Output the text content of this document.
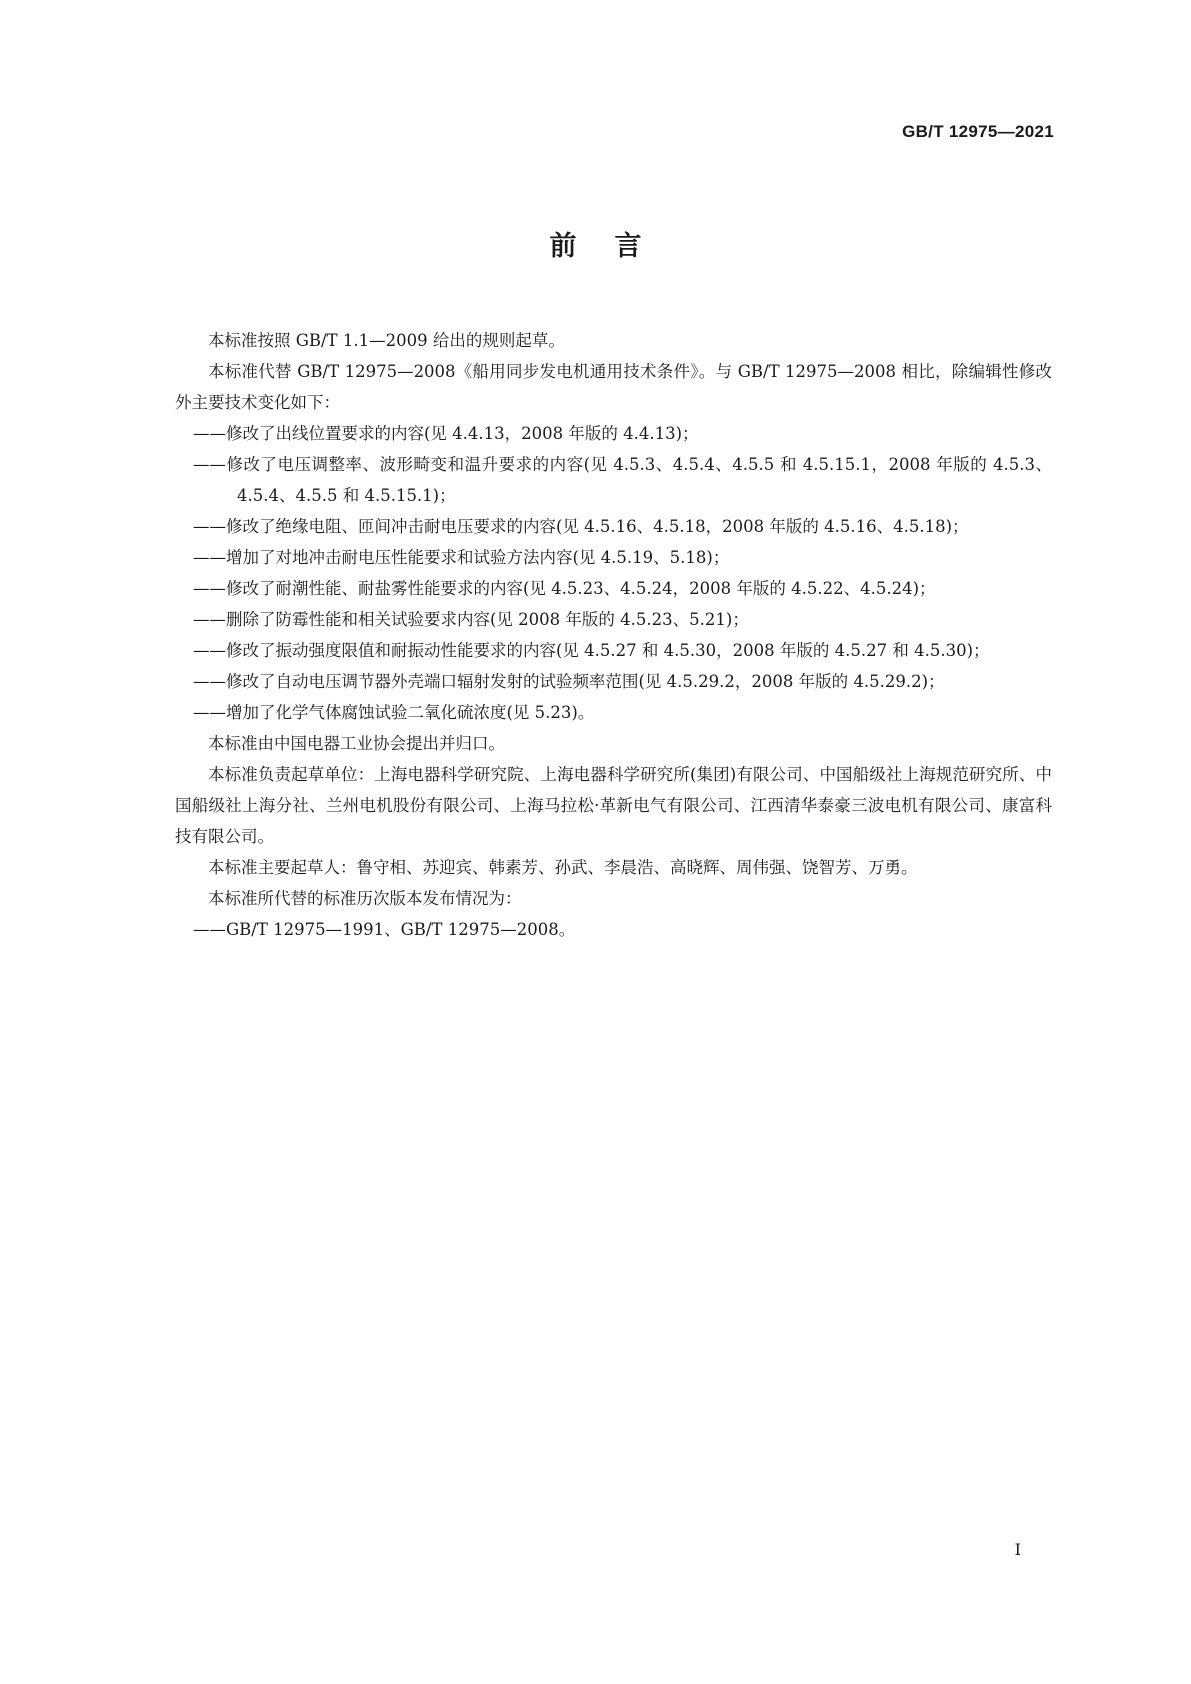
GB/T 12975—2021
前言

本标准按照 GB/T 1.1—2009 给出的规则起草。

本标准代替 GB/T 12975—2008《船用同步发电机通用技术条件》。与 GB/T 12975—2008 相比，除编辑性修改外主要技术变化如下：

——修改了出线位置要求的内容(见 4.4.13，2008 年版的 4.4.13)；

——修改了电压调整率、波形畸变和温升要求的内容(见 4.5.3、4.5.4、4.5.5 和 4.5.15.1，2008 年版的 4.5.3、4.5.4、4.5.5 和 4.5.15.1)；

——修改了绝缘电阻、匝间冲击耐电压要求的内容(见 4.5.16、4.5.18，2008 年版的 4.5.16、4.5.18)；

——增加了对地冲击耐电压性能要求和试验方法内容(见 4.5.19、5.18)；

——修改了耐潮性能、耐盐雾性能要求的内容(见 4.5.23、4.5.24，2008 年版的 4.5.22、4.5.24)；

——删除了防霉性能和相关试验要求内容(见 2008 年版的 4.5.23、5.21)；

——修改了振动强度限值和耐振动性能要求的内容(见 4.5.27 和 4.5.30，2008 年版的 4.5.27 和 4.5.30)；

——修改了自动电压调节器外壳端口辐射发射的试验频率范围(见 4.5.29.2，2008 年版的 4.5.29.2)；

——增加了化学气体腐蚀试验二氧化硫浓度(见 5.23)。

本标准由中国电器工业协会提出并归口。

本标准负责起草单位：上海电器科学研究院、上海电器科学研究所(集团)有限公司、中国船级社上海规范研究所、中国船级社上海分社、兰州电机股份有限公司、上海马拉松·革新电气有限公司、江西清华泰豪三波电机有限公司、康富科技有限公司。

本标准主要起草人：鲁守相、苏迎宾、韩素芳、孙武、李晨浩、高晓辉、周伟强、饶智芳、万勇。

本标准所代替的标准历次版本发布情况为：

——GB/T 12975—1991、GB/T 12975—2008。

I
